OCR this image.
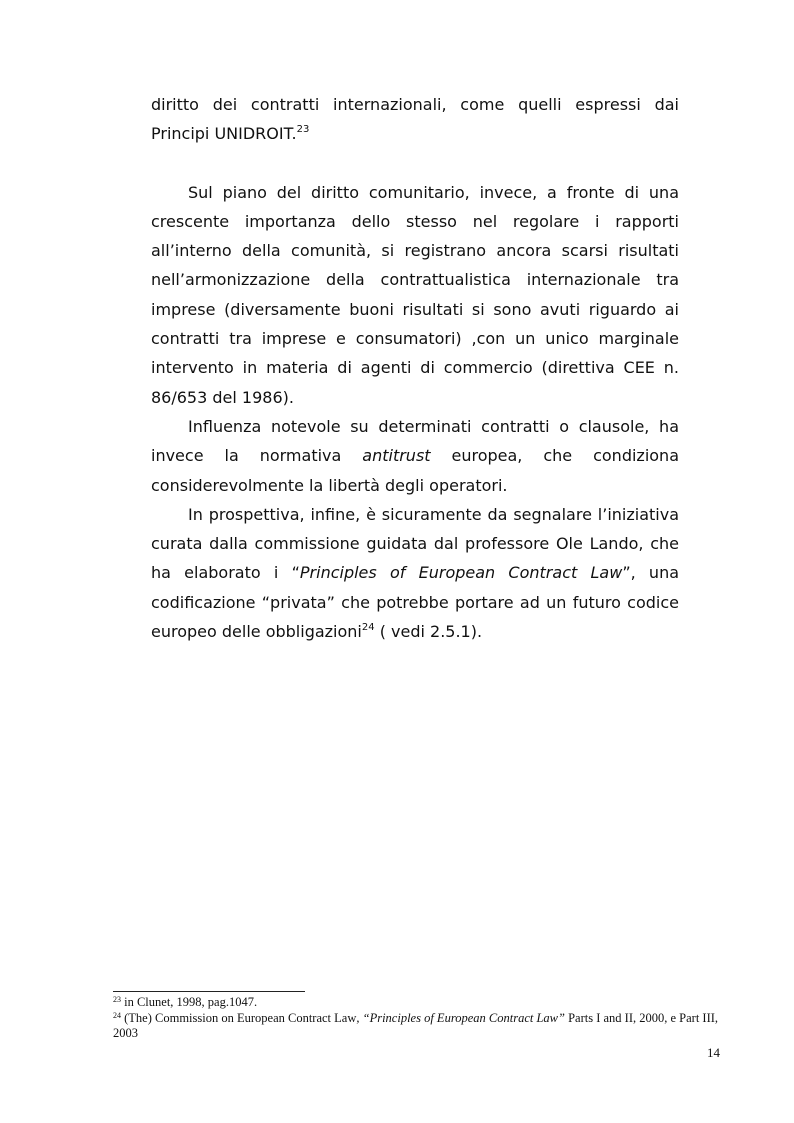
diritto dei contratti internazionali, come quelli espressi dai Principi UNIDROIT.$^{23}$

Sul piano del diritto comunitario, invece, a fronte di una crescente importanza dello stesso nel regolare i rapporti all’interno della comunità, si registrano ancora scarsi risultati nell’armonizzazione della contrattualistica internazionale tra imprese (diversamente buoni risultati si sono avuti riguardo ai contratti tra imprese e consumatori) ,con un unico marginale intervento in materia di agenti di commercio (direttiva CEE n. 86/653 del 1986).

Influenza notevole su determinati contratti o clausole, ha invece la normativa antitrust europea, che condiziona considerevolmente la libertà degli operatori.

In prospettiva, infine, è sicuramente da segnalare l’iniziativa curata dalla commissione guidata dal professore Ole Lando, che ha elaborato i “Principles of European Contract Law”, una codificazione “privata” che potrebbe portare ad un futuro codice europeo delle obbligazioni$^{24}$ ( vedi 2.5.1).

$^{23}$ in Clunet, 1998, pag.1047.

$^{24}$ (The) Commission on European Contract Law, “Principles of European Contract Law” Parts I and II, 2000, e Part III, 2003

14
